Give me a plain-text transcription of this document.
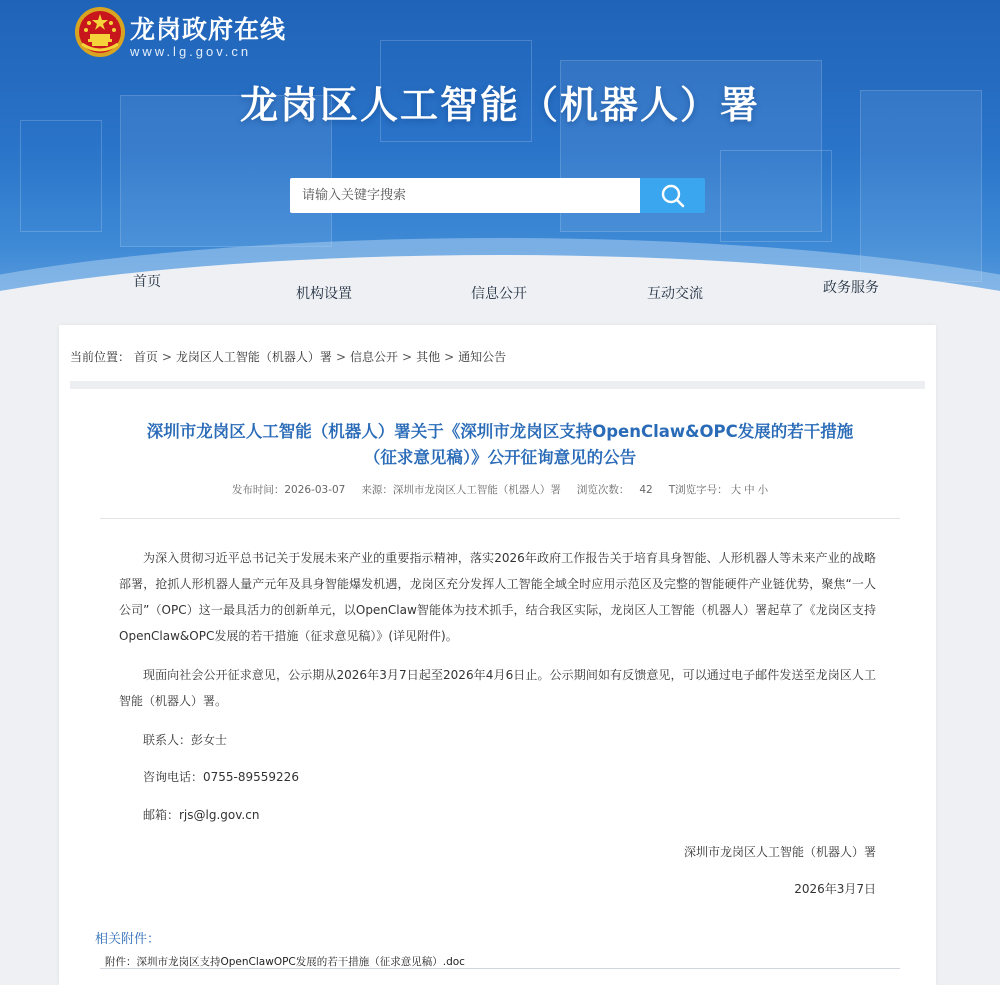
龙岗政府在线
www.lg.gov.cn
龙岗区人工智能（机器人）署
请输入关键字搜索
首页
机构设置	信息公开	互动交流	政务服务
当前位置： 首页 > 龙岗区人工智能（机器人）署 > 信息公开 > 其他 > 通知公告
深圳市龙岗区人工智能（机器人）署关于《深圳市龙岗区支持OpenClaw&OPC发展的若干措施
（征求意见稿）》公开征询意见的公告
发布时间：2026-03-07 来源：深圳市龙岗区人工智能（机器人）署 浏览次数： 42 T浏览字号： 大 中 小
为深入贯彻习近平总书记关于发展未来产业的重要指示精神，落实2026年政府工作报告关于培育具身智能、人形机器人等未来产业的战略部署，抢抓人形机器人量产元年及具身智能爆发机遇，龙岗区充分发挥人工智能全域全时应用示范区及完整的智能硬件产业链优势，聚焦“一人公司”（OPC）这一最具活力的创新单元，以OpenClaw智能体为技术抓手，结合我区实际，龙岗区人工智能（机器人）署起草了《龙岗区支持OpenClaw&OPC发展的若干措施（征求意见稿）》(详见附件)。
现面向社会公开征求意见，公示期从2026年3月7日起至2026年4月6日止。公示期间如有反馈意见，可以通过电子邮件发送至龙岗区人工智能（机器人）署。
联系人：彭女士
咨询电话：0755-89559226
邮箱：rjs@lg.gov.cn
深圳市龙岗区人工智能（机器人）署
2026年3月7日
相关附件：
附件：深圳市龙岗区支持OpenClawOPC发展的若干措施（征求意见稿）.doc
